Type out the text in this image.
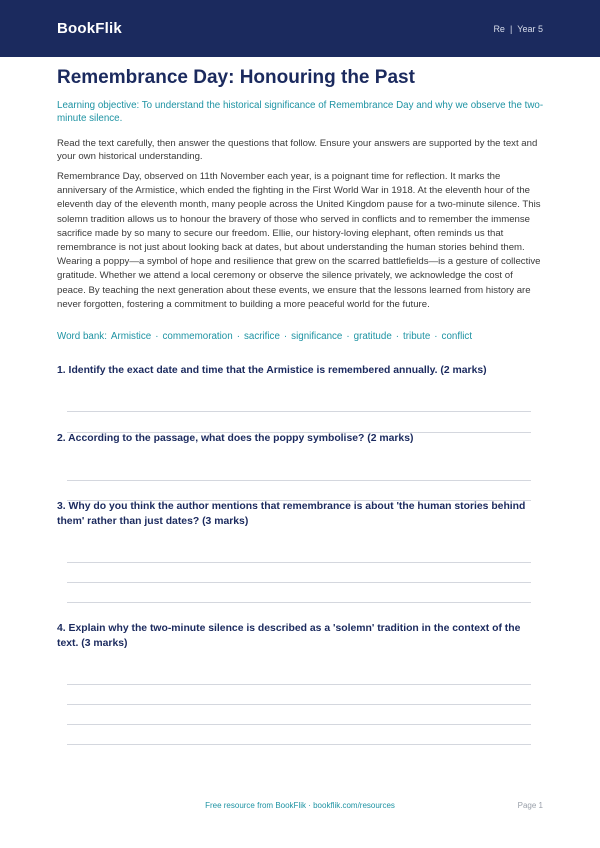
BookFlik	Re | Year 5
Remembrance Day: Honouring the Past
Learning objective: To understand the historical significance of Remembrance Day and why we observe the two-minute silence.
Read the text carefully, then answer the questions that follow. Ensure your answers are supported by the text and your own historical understanding.
Remembrance Day, observed on 11th November each year, is a poignant time for reflection. It marks the anniversary of the Armistice, which ended the fighting in the First World War in 1918. At the eleventh hour of the eleventh day of the eleventh month, many people across the United Kingdom pause for a two-minute silence. This solemn tradition allows us to honour the bravery of those who served in conflicts and to remember the immense sacrifice made by so many to secure our freedom. Ellie, our history-loving elephant, often reminds us that remembrance is not just about looking back at dates, but about understanding the human stories behind them. Wearing a poppy—a symbol of hope and resilience that grew on the scarred battlefields—is a gesture of collective gratitude. Whether we attend a local ceremony or observe the silence privately, we acknowledge the cost of peace. By teaching the next generation about these events, we ensure that the lessons learned from history are never forgotten, fostering a commitment to building a more peaceful world for the future.
Word bank: Armistice · commemoration · sacrifice · significance · gratitude · tribute · conflict
1. Identify the exact date and time that the Armistice is remembered annually. (2 marks)
2. According to the passage, what does the poppy symbolise? (2 marks)
3. Why do you think the author mentions that remembrance is about 'the human stories behind them' rather than just dates? (3 marks)
4. Explain why the two-minute silence is described as a 'solemn' tradition in the context of the text. (3 marks)
Free resource from BookFlik · bookflik.com/resources	Page 1
